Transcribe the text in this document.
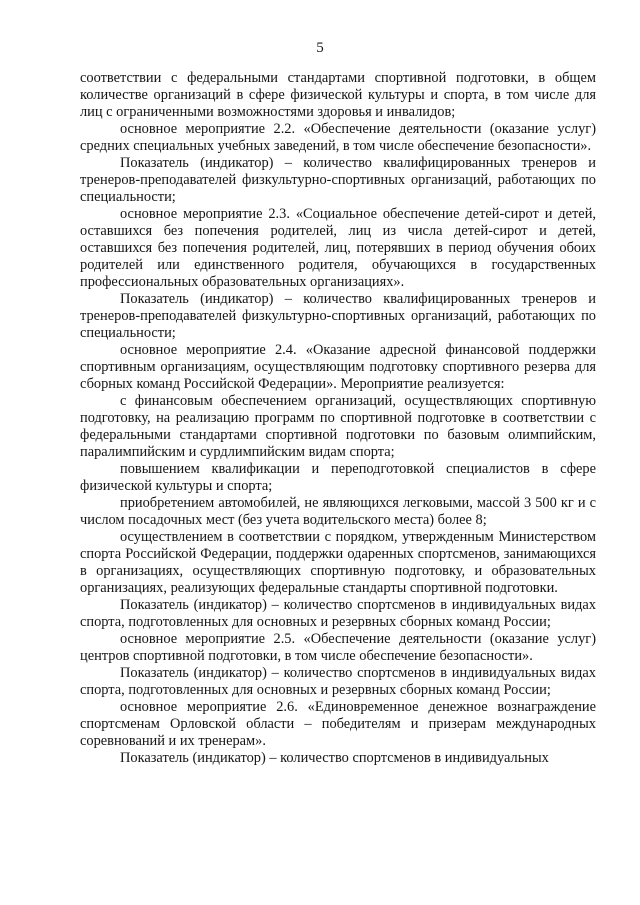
5

соответствии с федеральными стандартами спортивной подготовки, в общем количестве организаций в сфере физической культуры и спорта, в том числе для лиц с ограниченными возможностями здоровья и инвалидов;

основное мероприятие 2.2. «Обеспечение деятельности (оказание услуг) средних специальных учебных заведений, в том числе обеспечение безопасности».

Показатель (индикатор) – количество квалифицированных тренеров и тренеров-преподавателей физкультурно-спортивных организаций, работающих по специальности;

основное мероприятие 2.3. «Социальное обеспечение детей-сирот и детей, оставшихся без попечения родителей, лиц из числа детей-сирот и детей, оставшихся без попечения родителей, лиц, потерявших в период обучения обоих родителей или единственного родителя, обучающихся в государственных профессиональных образовательных организациях».

Показатель (индикатор) – количество квалифицированных тренеров и тренеров-преподавателей физкультурно-спортивных организаций, работающих по специальности;

основное мероприятие 2.4. «Оказание адресной финансовой поддержки спортивным организациям, осуществляющим подготовку спортивного резерва для сборных команд Российской Федерации». Мероприятие реализуется:

с финансовым обеспечением организаций, осуществляющих спортивную подготовку, на реализацию программ по спортивной подготовке в соответствии с федеральными стандартами спортивной подготовки по базовым олимпийским, паралимпийским и сурдлимпийским видам спорта;

повышением квалификации и переподготовкой специалистов в сфере физической культуры и спорта;

приобретением автомобилей, не являющихся легковыми, массой 3 500 кг и с числом посадочных мест (без учета водительского места) более 8;

осуществлением в соответствии с порядком, утвержденным Министерством спорта Российской Федерации, поддержки одаренных спортсменов, занимающихся в организациях, осуществляющих спортивную подготовку, и образовательных организациях, реализующих федеральные стандарты спортивной подготовки.

Показатель (индикатор) – количество спортсменов в индивидуальных видах спорта, подготовленных для основных и резервных сборных команд России;

основное мероприятие 2.5. «Обеспечение деятельности (оказание услуг) центров спортивной подготовки, в том числе обеспечение безопасности».

Показатель (индикатор) – количество спортсменов в индивидуальных видах спорта, подготовленных для основных и резервных сборных команд России;

основное мероприятие 2.6. «Единовременное денежное вознаграждение спортсменам Орловской области – победителям и призерам международных соревнований и их тренерам».

Показатель (индикатор) – количество спортсменов в индивидуальных
